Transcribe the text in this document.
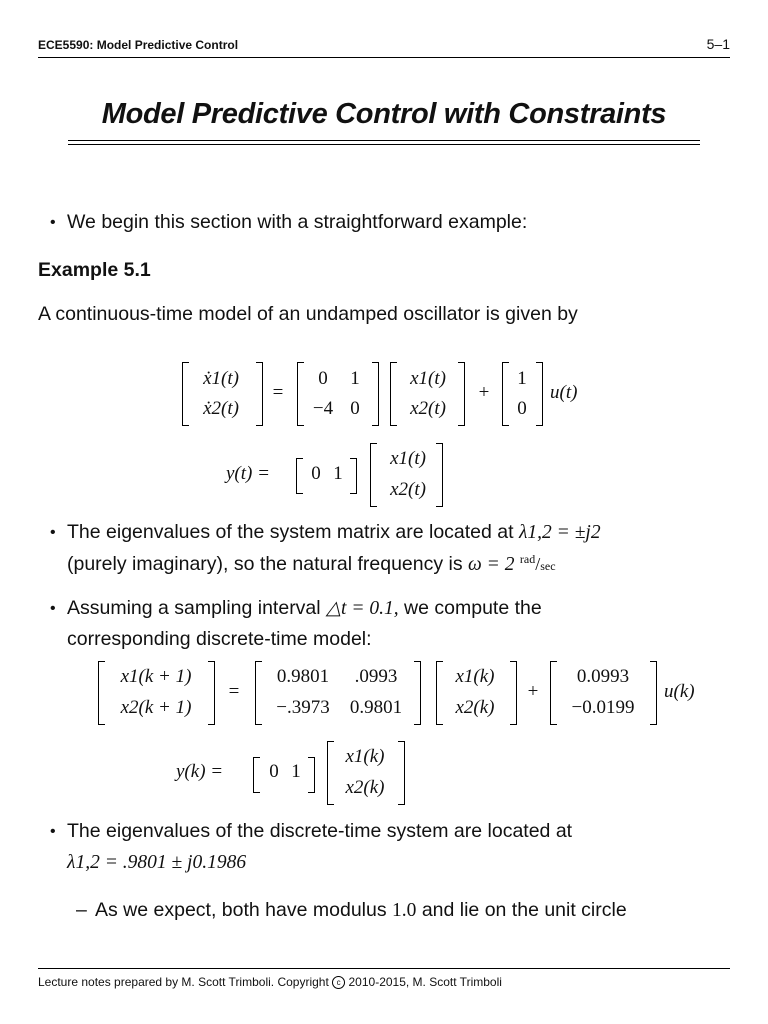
ECE5590: Model Predictive Control	5–1
Model Predictive Control with Constraints
• We begin this section with a straightforward example:
Example 5.1
A continuous-time model of an undamped oscillator is given by
ẋ1(t)
ẋ2(t)
=
0	1
−4 0
x1(t)
x2(t)
+
1
0
u(t)
y(t) = 0 1
x1(t)
x2(t)
• The eigenvalues of the system matrix are located at λ1,2 = ±j2
(purely imaginary), so the natural frequency is ω = 2 $^{rad}$/sec
• Assuming a sampling interval △t = 0.1, we compute the
corresponding discrete-time model:
x1(k + 1)
x2(k + 1)
=
0.9801	.0993
−.3973	0.9801
x1(k)
x2(k)
+
0.0993
−0.0199
u(k)
y(k) = 0 1
x1(k)
x2(k)
• The eigenvalues of the discrete-time system are located at
λ1,2 = .9801 ± j0.1986
– As we expect, both have modulus 1.0 and lie on the unit circle
Lecture notes prepared by M. Scott Trimboli. Copyright c 2010-2015, M. Scott Trimboli
